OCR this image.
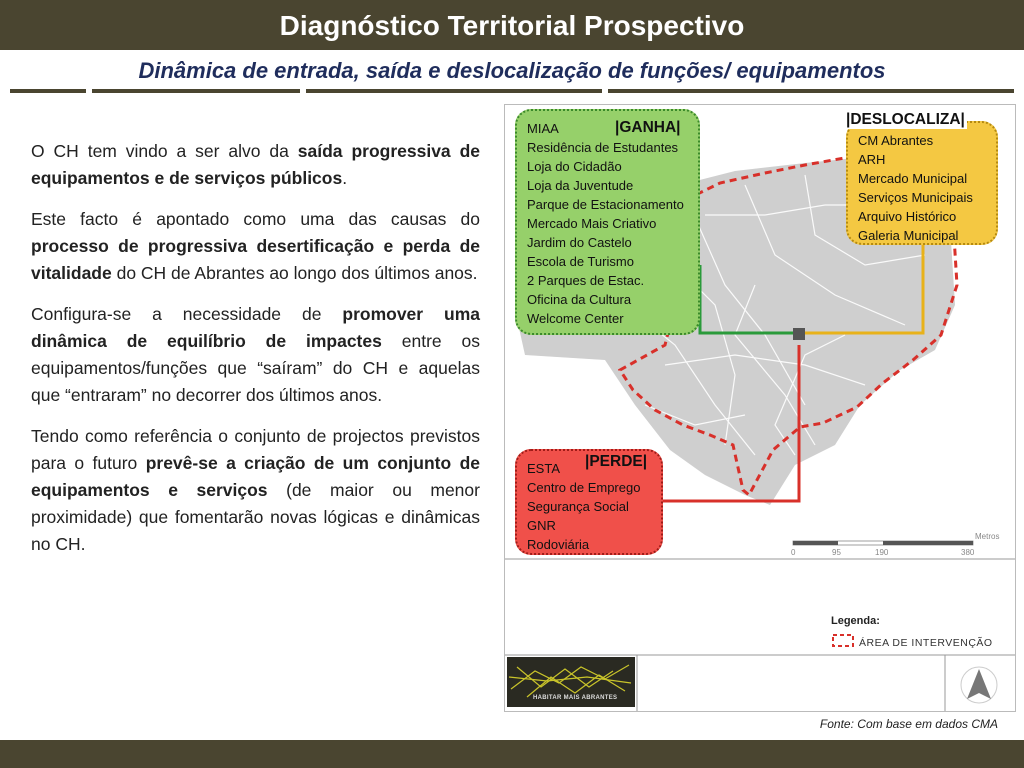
Diagnóstico Territorial Prospectivo
Dinâmica de entrada, saída e deslocalização de funções/ equipamentos

O CH tem vindo a ser alvo da saída progressiva de equipamentos e de serviços públicos.

Este facto é apontado como uma das causas do processo de progressiva desertificação e perda de vitalidade do CH de Abrantes ao longo dos últimos anos.

Configura-se a necessidade de promover uma dinâmica de equilíbrio de impactes entre os equipamentos/funções que “saíram” do CH e aquelas que “entraram” no decorrer dos últimos anos.

Tendo como referência o conjunto de projectos previstos para o futuro prevê-se a criação de um conjunto de equipamentos e serviços (de maior ou menor proximidade) que fomentarão novas lógicas e dinâmicas no CH.

|GANHA|
MIAA
Residência de Estudantes
Loja do Cidadão
Loja da Juventude
Parque de Estacionamento
Mercado Mais Criativo
Jardim do Castelo
Escola de Turismo
2 Parques de Estac.
Oficina da Cultura
Welcome Center
|DESLOCALIZA|
CM Abrantes
ARH
Mercado Municipal
Serviços Municipais
Arquivo Histórico
Galeria Municipal
|PERDE|
ESTA
Centro de Emprego
Segurança Social
GNR
Rodoviária
Metros
0	95	190	380
Legenda:
ÁREA DE INTERVENÇÃO
HABITAR MAIS ABRANTES
Fonte: Com base em dados CMA
